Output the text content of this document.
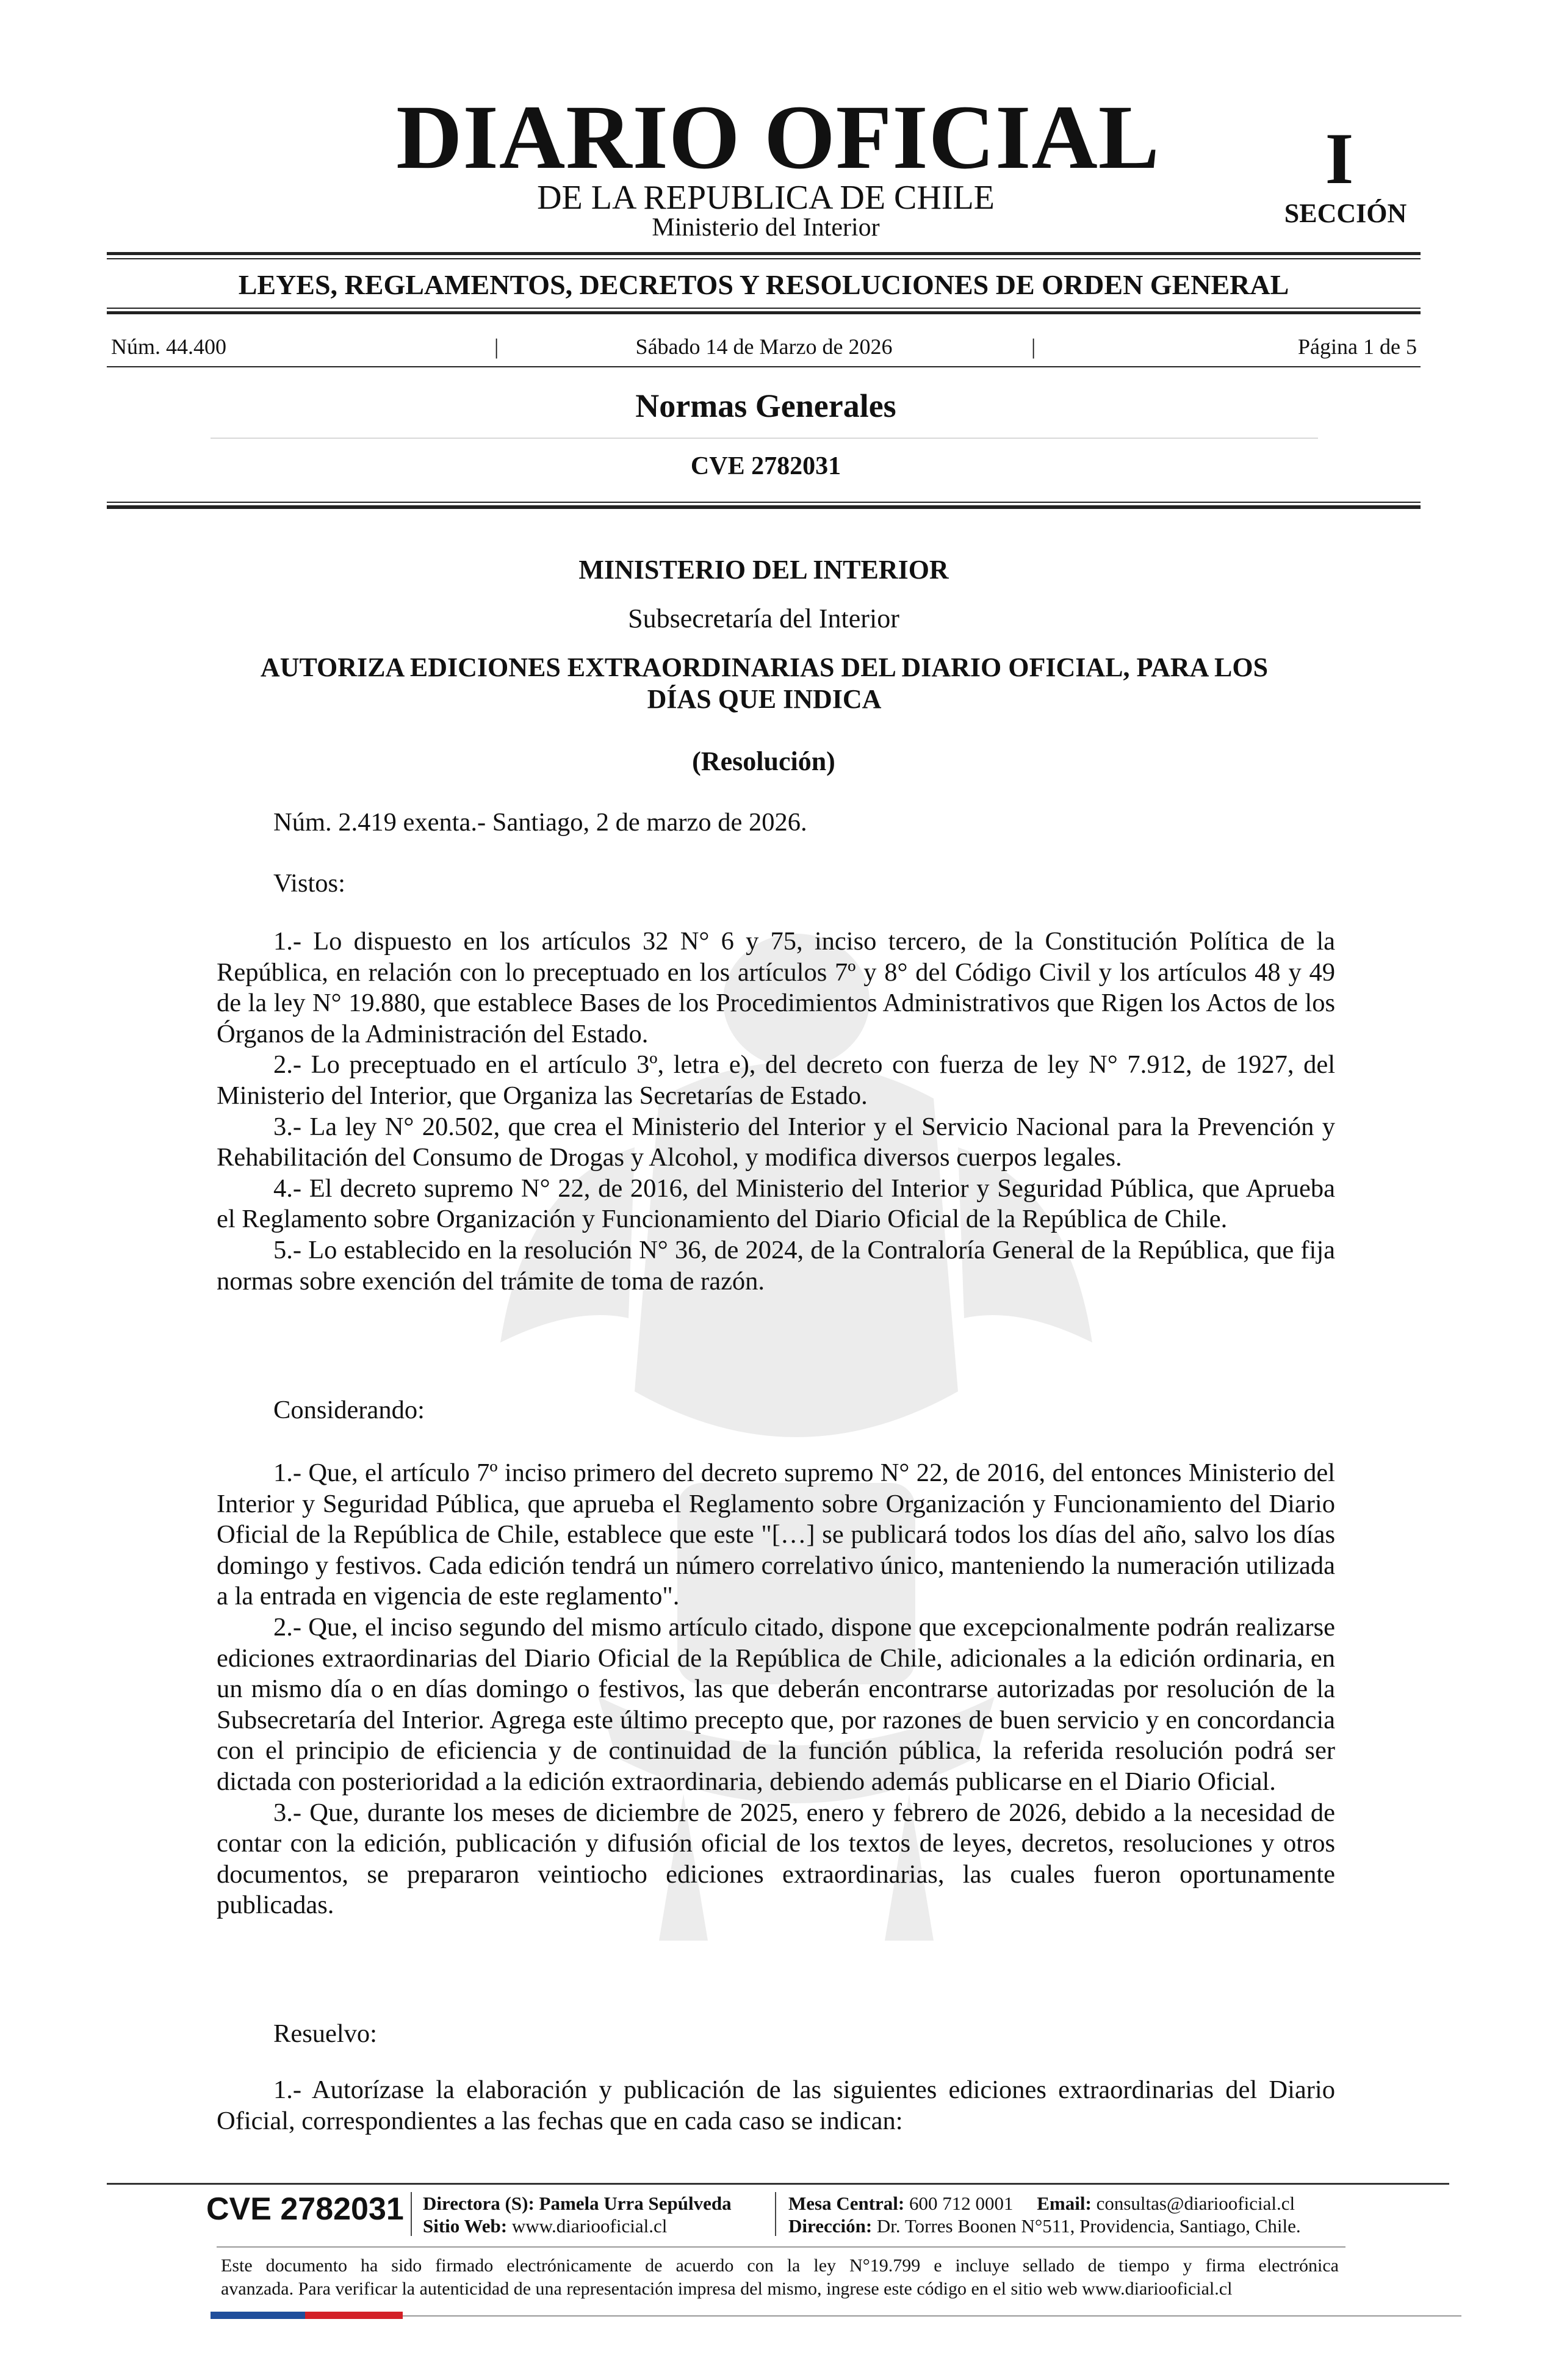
DIARIO OFICIAL
DE LA REPUBLICA DE CHILE
Ministerio del Interior
I
SECCIÓN
LEYES, REGLAMENTOS, DECRETOS Y RESOLUCIONES DE ORDEN GENERAL
Núm. 44.400	|	Sábado 14 de Marzo de 2026	|	Página 1 de 5
Normas Generales
CVE 2782031
MINISTERIO DEL INTERIOR
Subsecretaría del Interior
AUTORIZA EDICIONES EXTRAORDINARIAS DEL DIARIO OFICIAL, PARA LOS
DÍAS QUE INDICA
(Resolución)
Núm. 2.419 exenta.- Santiago, 2 de marzo de 2026.
Vistos:

1.- Lo dispuesto en los artículos 32 N° 6 y 75, inciso tercero, de la Constitución Política de la República, en relación con lo preceptuado en los artículos 7º y 8° del Código Civil y los artículos 48 y 49 de la ley N° 19.880, que establece Bases de los Procedimientos Administrativos que Rigen los Actos de los Órganos de la Administración del Estado.

2.- Lo preceptuado en el artículo 3º, letra e), del decreto con fuerza de ley N° 7.912, de 1927, del Ministerio del Interior, que Organiza las Secretarías de Estado.

3.- La ley N° 20.502, que crea el Ministerio del Interior y el Servicio Nacional para la Prevención y Rehabilitación del Consumo de Drogas y Alcohol, y modifica diversos cuerpos legales.

4.- El decreto supremo N° 22, de 2016, del Ministerio del Interior y Seguridad Pública, que Aprueba el Reglamento sobre Organización y Funcionamiento del Diario Oficial de la República de Chile.

5.- Lo establecido en la resolución N° 36, de 2024, de la Contraloría General de la República, que fija normas sobre exención del trámite de toma de razón.

Considerando:

1.- Que, el artículo 7º inciso primero del decreto supremo N° 22, de 2016, del entonces Ministerio del Interior y Seguridad Pública, que aprueba el Reglamento sobre Organización y Funcionamiento del Diario Oficial de la República de Chile, establece que este "[…] se publicará todos los días del año, salvo los días domingo y festivos. Cada edición tendrá un número correlativo único, manteniendo la numeración utilizada a la entrada en vigencia de este reglamento".

2.- Que, el inciso segundo del mismo artículo citado, dispone que excepcionalmente podrán realizarse ediciones extraordinarias del Diario Oficial de la República de Chile, adicionales a la edición ordinaria, en un mismo día o en días domingo o festivos, las que deberán encontrarse autorizadas por resolución de la Subsecretaría del Interior. Agrega este último precepto que, por razones de buen servicio y en concordancia con el principio de eficiencia y de continuidad de la función pública, la referida resolución podrá ser dictada con posterioridad a la edición extraordinaria, debiendo además publicarse en el Diario Oficial.

3.- Que, durante los meses de diciembre de 2025, enero y febrero de 2026, debido a la necesidad de contar con la edición, publicación y difusión oficial de los textos de leyes, decretos, resoluciones y otros documentos, se prepararon veintiocho ediciones extraordinarias, las cuales fueron oportunamente publicadas.

Resuelvo:

1.- Autorízase la elaboración y publicación de las siguientes ediciones extraordinarias del Diario Oficial, correspondientes a las fechas que en cada caso se indican:

CVE 2782031 Directora (S): Pamela Urra Sepúlveda
Sitio Web: www.diariooficial.cl
Mesa Central: 600 712 0001 Email: consultas@diariooficial.cl
Dirección: Dr. Torres Boonen N°511, Providencia, Santiago, Chile.
Este documento ha sido firmado electrónicamente de acuerdo con la ley N°19.799 e incluye sellado de tiempo y firma electrónica
avanzada. Para verificar la autenticidad de una representación impresa del mismo, ingrese este código en el sitio web www.diariooficial.cl
